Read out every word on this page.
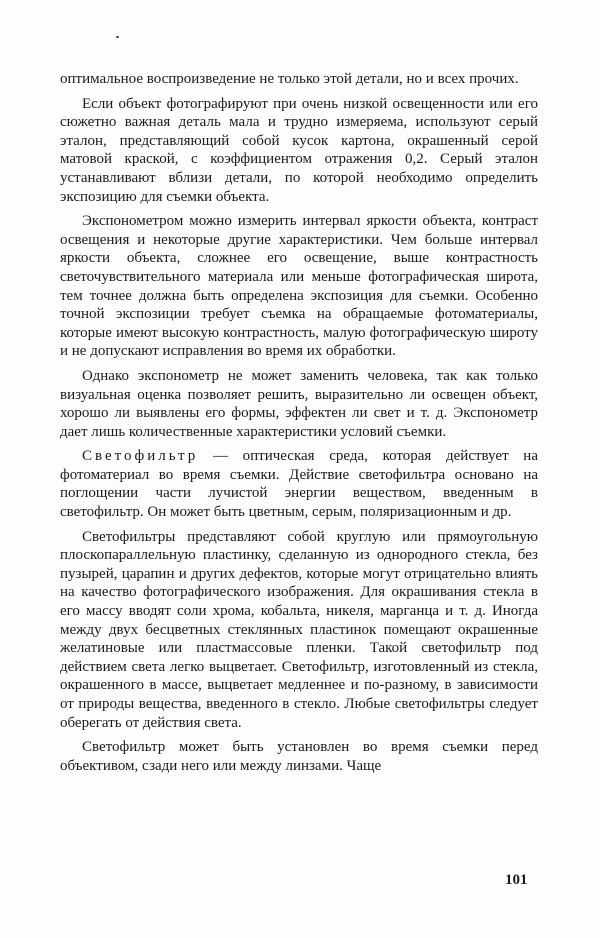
оптимальное воспроизведение не только этой детали, но и всех прочих.

Если объект фотографируют при очень низкой освещенности или его сюжетно важная деталь мала и трудно измеряема, используют серый эталон, представляющий собой кусок картона, окрашенный серой матовой краской, с коэффициентом отражения 0,2. Серый эталон устанавливают вблизи детали, по которой необходимо определить экспозицию для съемки объекта.

Экспонометром можно измерить интервал яркости объекта, контраст освещения и некоторые другие характеристики. Чем больше интервал яркости объекта, сложнее его освещение, выше контрастность светочувствительного материала или меньше фотографическая широта, тем точнее должна быть определена экспозиция для съемки. Особенно точной экспозиции требует съемка на обращаемые фотоматериалы, которые имеют высокую контрастность, малую фотографическую широту и не допускают исправления во время их обработки.

Однако экспонометр не может заменить человека, так как только визуальная оценка позволяет решить, выразительно ли освещен объект, хорошо ли выявлены его формы, эффектен ли свет и т. д. Экспонометр дает лишь количественные характеристики условий съемки.

Светофильтр — оптическая среда, которая действует на фотоматериал во время съемки. Действие светофильтра основано на поглощении части лучистой энергии веществом, введенным в светофильтр. Он может быть цветным, серым, поляризационным и др.

Светофильтры представляют собой круглую или прямоугольную плоскопараллельную пластинку, сделанную из однородного стекла, без пузырей, царапин и других дефектов, которые могут отрицательно влиять на качество фотографического изображения. Для окрашивания стекла в его массу вводят соли хрома, кобальта, никеля, марганца и т. д. Иногда между двух бесцветных стеклянных пластинок помещают окрашенные желатиновые или пластмассовые пленки. Такой светофильтр под действием света легко выцветает. Светофильтр, изготовленный из стекла, окрашенного в массе, выцветает медленнее и по-разному, в зависимости от природы вещества, введенного в стекло. Любые светофильтры следует оберегать от действия света.

Светофильтр может быть установлен во время съемки перед объективом, сзади него или между линзами. Чаще

101
